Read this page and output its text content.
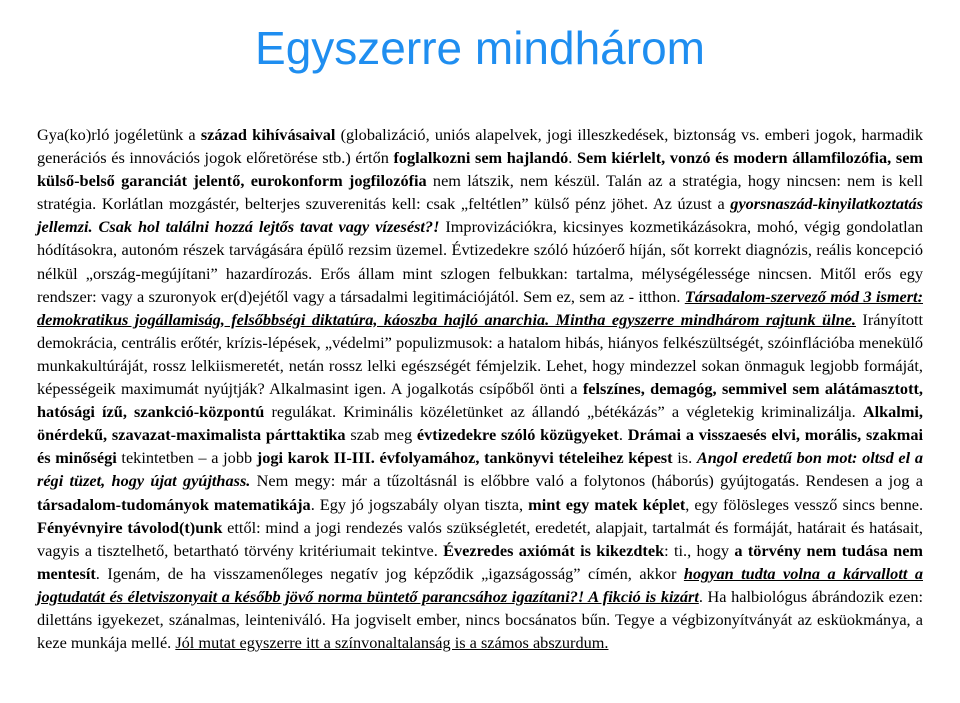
Egyszerre mindhárom

Gya(ko)rló jogéletünk a század kihívásaival (globalizáció, uniós alapelvek, jogi illeszkedések, biztonság vs. emberi jogok, harmadik generációs és innovációs jogok előretörése stb.) értőn foglalkozni sem hajlandó. Sem kiérlelt, vonzó és modern államfilozófia, sem külső-belső garanciát jelentő, eurokonform jogfilozófia nem látszik, nem készül. Talán az a stratégia, hogy nincsen: nem is kell stratégia. Korlátlan mozgástér, belterjes szuverenitás kell: csak „feltétlen” külső pénz jöhet. Az úzust a gyorsnaszád-kinyilatkoztatás jellemzi. Csak hol találni hozzá lejtős tavat vagy vízesést?! Improvizációkra, kicsinyes kozmetikázásokra, mohó, végig gondolatlan hódításokra, autonóm részek tarvágására épülő rezsim üzemel. Évtizedekre szóló húzóerő híján, sőt korrekt diagnózis, reális koncepció nélkül „ország-megújítani” hazardírozás. Erős állam mint szlogen felbukkan: tartalma, mélységélessége nincsen. Mitől erős egy rendszer: vagy a szuronyok er(d)ejétől vagy a társadalmi legitimációjától. Sem ez, sem az - itthon. Társadalom-szervező mód 3 ismert: demokratikus jogállamiság, felsőbbségi diktatúra, káoszba hajló anarchia. Mintha egyszerre mindhárom rajtunk ülne. Irányított demokrácia, centrális erőtér, krízis-lépések, „védelmi” populizmusok: a hatalom hibás, hiányos felkészültségét, szóinflációba menekülő munkakultúráját, rossz lelkiismeretét, netán rossz lelki egészségét fémjelzik. Lehet, hogy mindezzel sokan önmaguk legjobb formáját, képességeik maximumát nyújtják? Alkalmasint igen. A jogalkotás csípőből önti a felszínes, demagóg, semmivel sem alátámasztott, hatósági ízű, szankció-központú regulákat. Kriminális közéletünket az állandó „bétékázás” a végletekig kriminalizálja. Alkalmi, önérdekű, szavazat-maximalista párttaktika szab meg évtizedekre szóló közügyeket. Drámai a visszaesés elvi, morális, szakmai és minőségi tekintetben – a jobb jogi karok II-III. évfolyamához, tankönyvi tételeihez képest is. Angol eredetű bon mot: oltsd el a régi tüzet, hogy újat gyújthass. Nem megy: már a tűzoltásnál is előbbre való a folytonos (háborús) gyújtogatás. Rendesen a jog a társadalom-tudományok matematikája. Egy jó jogszabály olyan tiszta, mint egy matek képlet, egy fölösleges vessző sincs benne. Fényévnyire távolod(t)unk ettől: mind a jogi rendezés valós szükségletét, eredetét, alapjait, tartalmát és formáját, határait és hatásait, vagyis a tisztelhető, betartható törvény kritériumait tekintve. Évezredes axiómát is kikezdtek: ti., hogy a törvény nem tudása nem mentesít. Igenám, de ha visszamenőleges negatív jog képződik „igazságosság” címén, akkor hogyan tudta volna a kárvallott a jogtudatát és életviszonyait a később jövő norma büntető parancsához igazítani?! A fikció is kizárt. Ha halbiológus ábrándozik ezen: dilettáns igyekezet, szánalmas, leinteniváló. Ha jogviselt ember, nincs bocsánatos bűn. Tegye a végbizonyítványát az esküokmánya, a keze munkája mellé. Jól mutat egyszerre itt a színvonaltalanság is a számos abszurdum.
